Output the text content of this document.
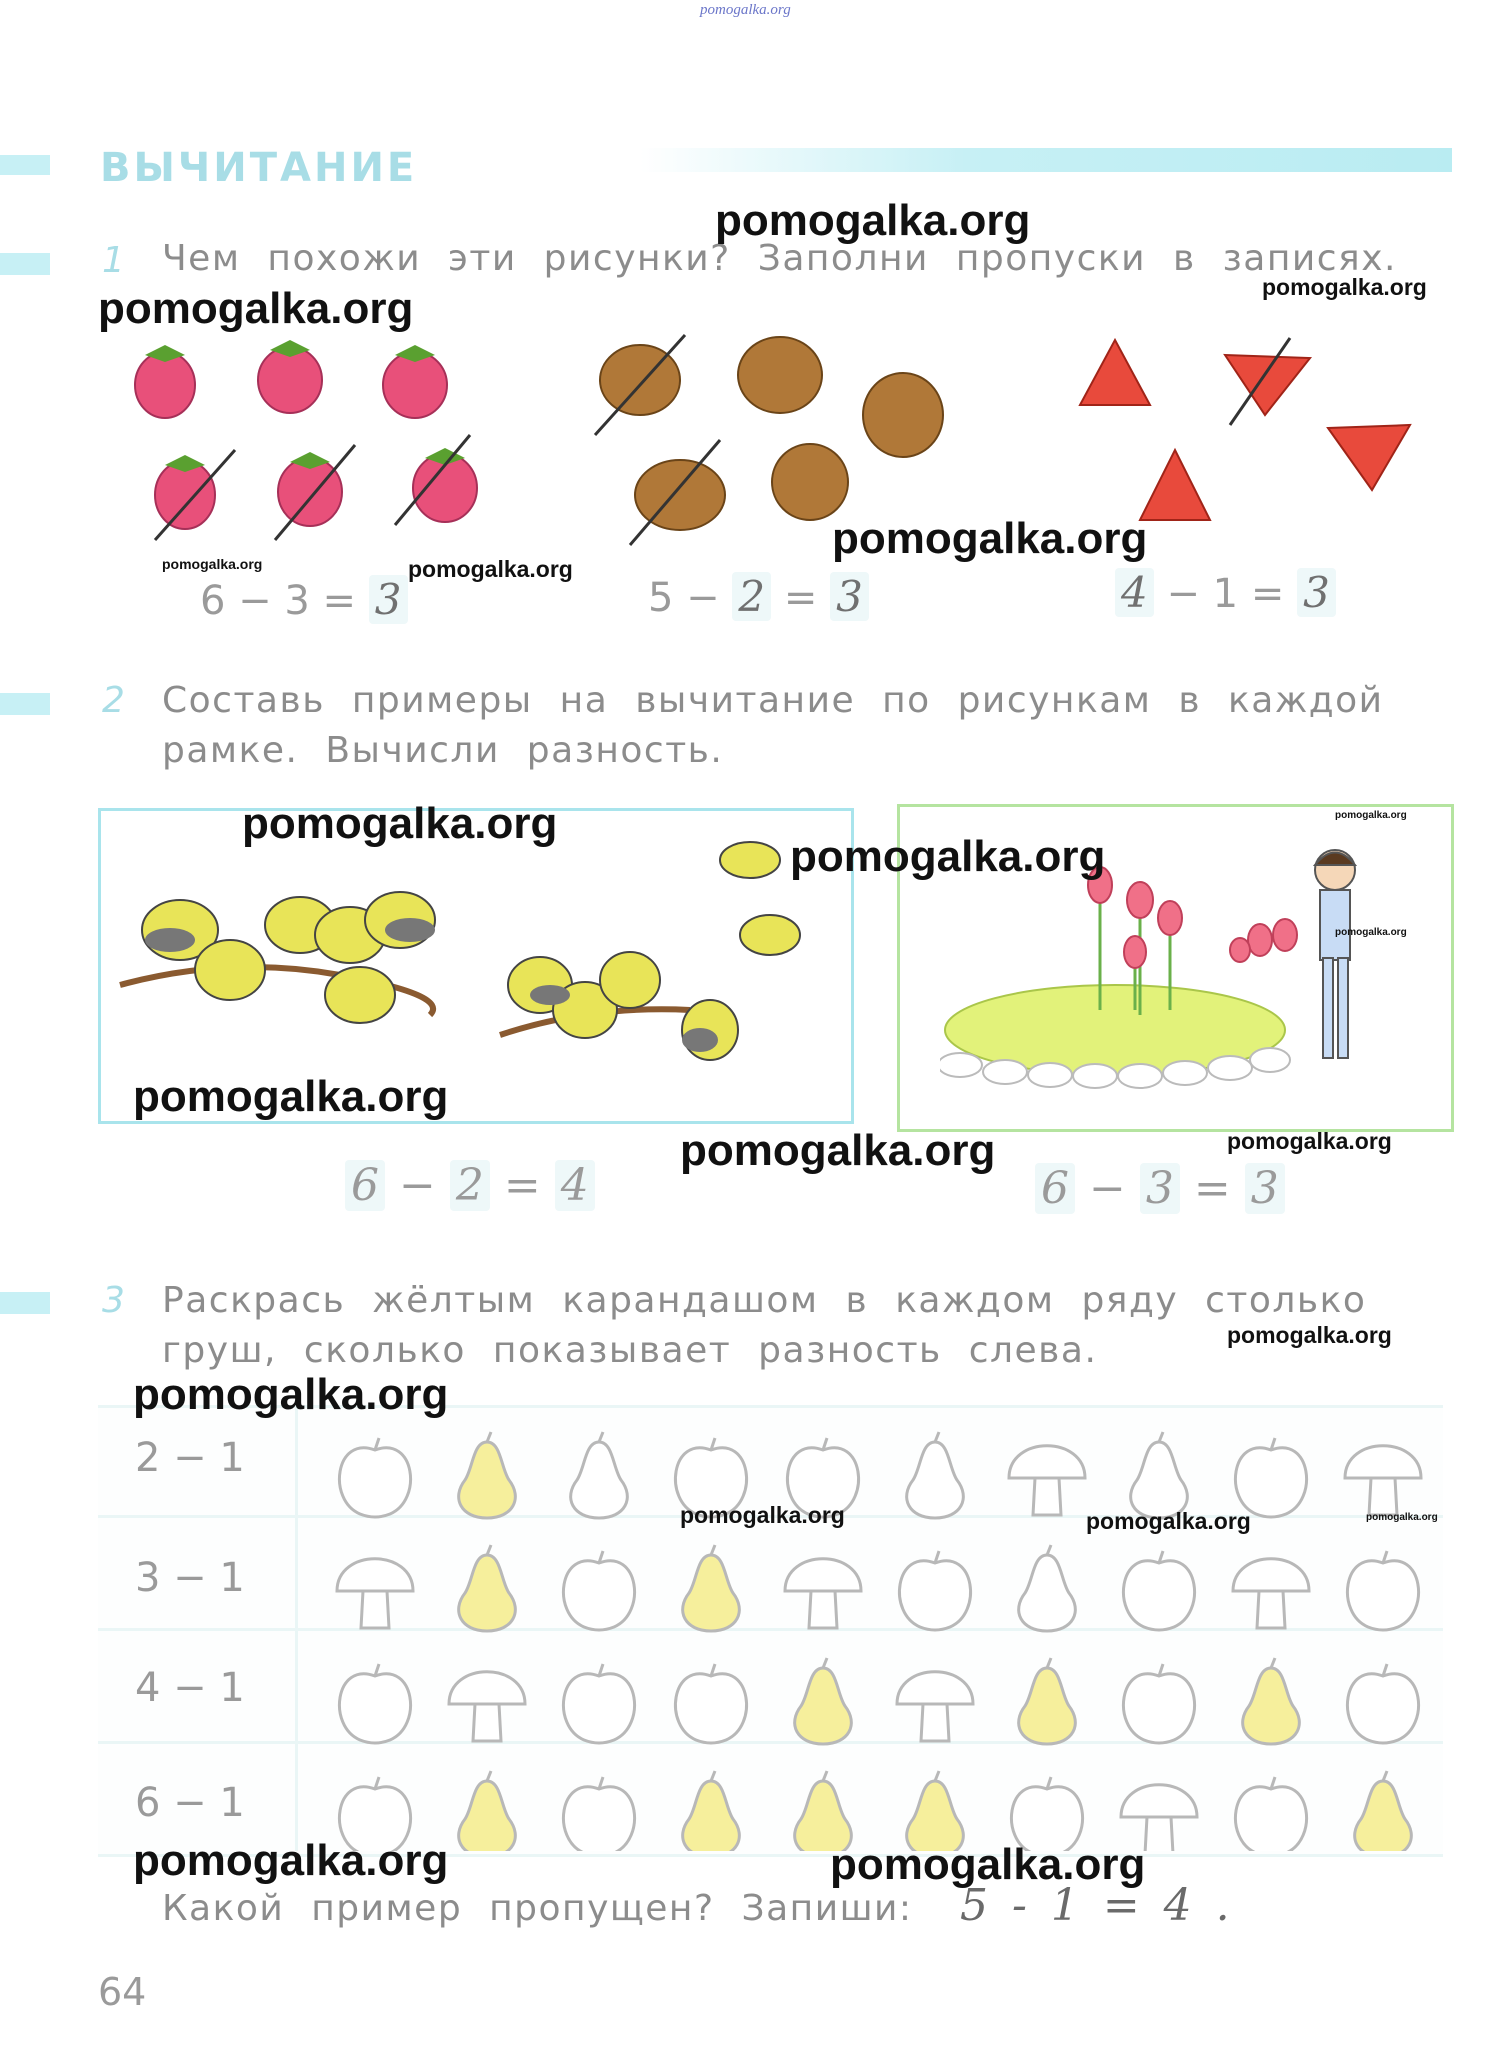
pomogalka.org
ВЫЧИТАНИЕ
1 Чем похожи эти рисунки? Заполни пропуски в записях.
6 − 3 = 3	5 − 2 = 3	4 − 1 = 3
2 Составь примеры на вычитание по рисункам в каждой
рамке. Вычисли разность.
6 − 2 = 4	6 − 3 = 3
3 Раскрась жёлтым карандашом в каждом ряду столько
груш, сколько показывает разность слева.
2 − 1
3 − 1
4 − 1
6 − 1
Какой пример пропущен? Запиши: 5 - 1 = 4 .
64
pomogalka.org
pomogalka.org
pomogalka.org
pomogalka.org	pomogalka.org
pomogalka.org
pomogalka.org
pomogalka.org
pomogalka.org
pomogalka.org
pomogalka.org
pomogalka.org	pomogalka.org
pomogalka.org
pomogalka.org
pomogalka.org	pomogalka.org	pomogalka.org
pomogalka.org	pomogalka.org
